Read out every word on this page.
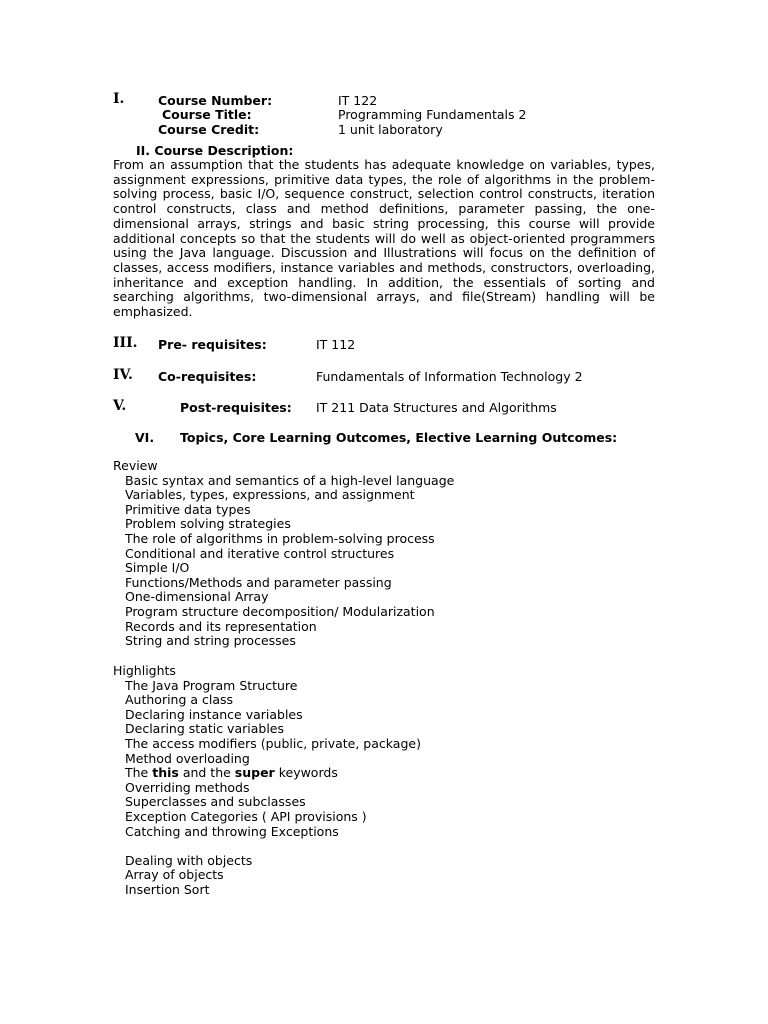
I.	Course Number:	IT 122
Course Title:	Programming Fundamentals 2
Course Credit:	1 unit laboratory
II. Course Description:

From an assumption that the students has adequate knowledge on variables, types, assignment expressions, primitive data types, the role of algorithms in the problem-solving process, basic I/O, sequence construct, selection control constructs, iteration control constructs, class and method definitions, parameter passing, the one-dimensional arrays, strings and basic string processing, this course will provide additional concepts so that the students will do well as object-oriented programmers using the Java language. Discussion and Illustrations will focus on the definition of classes, access modifiers, instance variables and methods, constructors, overloading, inheritance and exception handling. In addition, the essentials of sorting and searching algorithms, two-dimensional arrays, and file(Stream) handling will be emphasized.

III. Pre- requisites:	IT 112
IV. Co-requisites:	Fundamentals of Information Technology 2
V.	Post-requisites: IT 211 Data Structures and Algorithms
VI. Topics, Core Learning Outcomes, Elective Learning Outcomes:
Review
Basic syntax and semantics of a high-level language
Variables, types, expressions, and assignment
Primitive data types
Problem solving strategies
The role of algorithms in problem-solving process
Conditional and iterative control structures
Simple I/O
Functions/Methods and parameter passing
One-dimensional Array
Program structure decomposition/ Modularization
Records and its representation
String and string processes
Highlights
The Java Program Structure
Authoring a class
Declaring instance variables
Declaring static variables
The access modifiers (public, private, package)
Method overloading
The this and the super keywords
Overriding methods
Superclasses and subclasses
Exception Categories ( API provisions )
Catching and throwing Exceptions
Dealing with objects
Array of objects
Insertion Sort
